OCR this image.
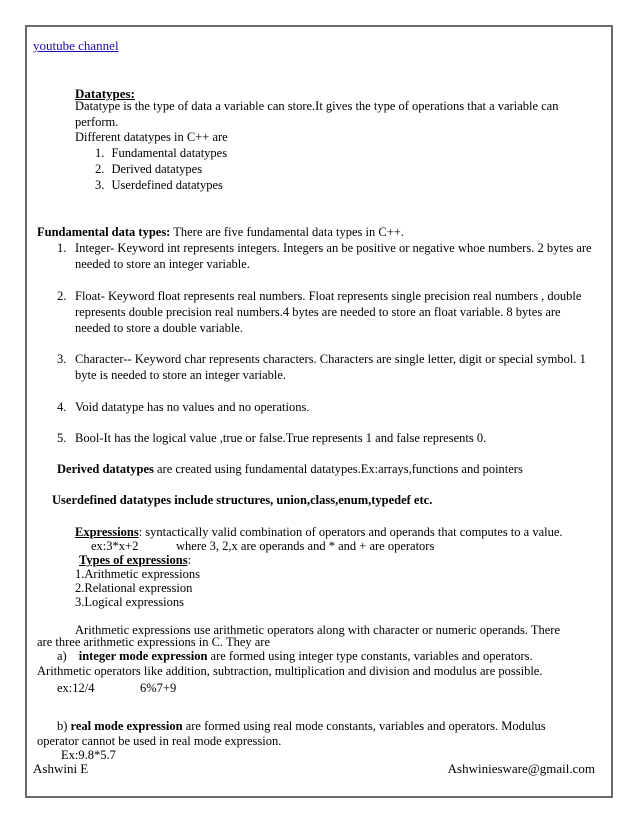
youtube channel
Datatypes:
Datatype is the type of data a variable can store.It gives the type of operations that a variable can perform.
Different datatypes in C++ are
1. Fundamental datatypes
2. Derived datatypes
3. Userdefined datatypes
Fundamental data types: There are five fundamental data types in C++.
1. Integer- Keyword int represents integers. Integers an be positive or negative whoe numbers. 2 bytes are needed to store an integer variable.
2. Float- Keyword float represents real numbers. Float represents single precision real numbers , double represents double precision real numbers.4 bytes are needed to store an float variable. 8 bytes are needed to store a double variable.
3. Character-- Keyword char represents characters. Characters are single letter, digit or special symbol. 1 byte is needed to store an integer variable.
4. Void datatype has no values and no operations.
5. Bool-It has the logical value ,true or false.True represents 1 and false represents 0.
Derived datatypes are created using fundamental datatypes.Ex:arrays,functions and pointers
Userdefined datatypes include structures, union,class,enum,typedef etc.
Expressions: syntactically valid combination of operators and operands that computes to a value.
ex:3*x+2	where 3, 2,x are operands and * and + are operators
Types of expressions:
1.Arithmetic expressions
2.Relational expression
3.Logical expressions
Arithmetic expressions use arithmetic operators along with character or numeric operands. There
are three arithmetic expressions in C. They are
a) integer mode expression are formed using integer type constants, variables and operators.
Arithmetic operators like addition, subtraction, multiplication and division and modulus are possible.
ex:12/4	6%7+9
b) real mode expression are formed using real mode constants, variables and operators. Modulus
operator cannot be used in real mode expression.
Ex:9.8*5.7
Ashwini E	Ashwiniesware@gmail.com
